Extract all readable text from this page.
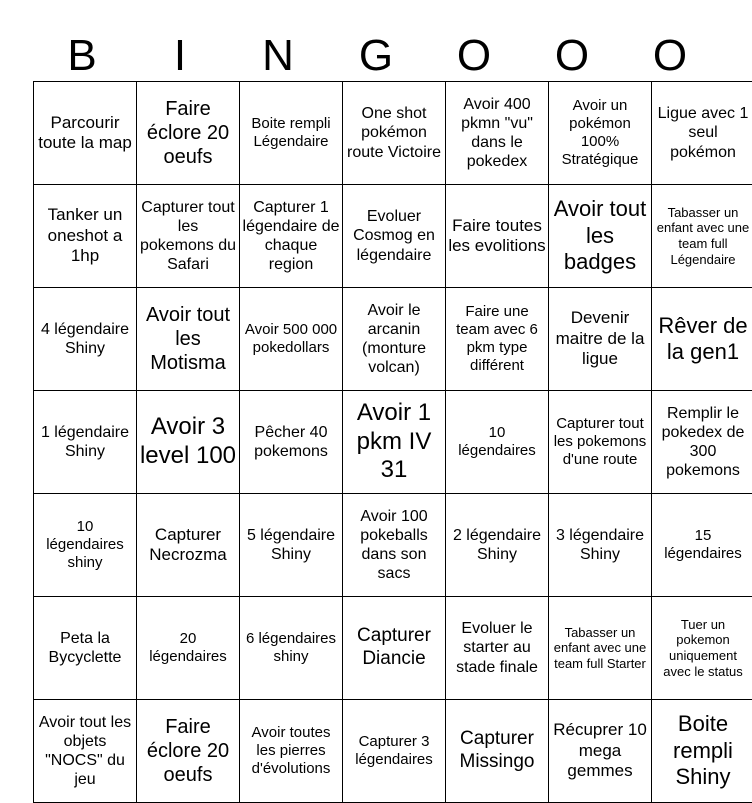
B	I	N	G	O	O	O
Parcourir toute la map	Faire éclore 20 oeufs	Boite rempli Légendaire	One shot pokémon route Victoire	Avoir 400 pkmn "vu" dans le pokedex	Avoir un pokémon 100% Stratégique	Ligue avec 1 seul pokémon
Tanker un oneshot a 1hp	Capturer tout les pokemons du Safari	Capturer 1 légendaire de chaque region	Evoluer Cosmog en légendaire	Faire toutes les evolitions	Avoir tout les badges	Tabasser un enfant avec une team full Légendaire
4 légendaire Shiny	Avoir tout les Motisma	Avoir 500 000 pokedollars	Avoir le arcanin (monture volcan)	Faire une team avec 6 pkm type différent	Devenir maitre de la ligue	Rêver de la gen1
1 légendaire Shiny	Avoir 3 level 100	Pêcher 40 pokemons	Avoir 1 pkm IV 31	10 légendaires	Capturer tout les pokemons d'une route	Remplir le pokedex de 300 pokemons
10 légendaires shiny	Capturer Necrozma	5 légendaire Shiny	Avoir 100 pokeballs dans son sacs	2 légendaire Shiny	3 légendaire Shiny	15 légendaires
Peta la Bycyclette	20 légendaires	6 légendaires shiny	Capturer Diancie	Evoluer le starter au stade finale	Tabasser un enfant avec une team full Starter	Tuer un pokemon uniquement avec le status
Avoir tout les objets "NOCS" du jeu	Faire éclore 20 oeufs	Avoir toutes les pierres d'évolutions	Capturer 3 légendaires	Capturer Missingo	Récuprer 10 mega gemmes	Boite rempli Shiny
